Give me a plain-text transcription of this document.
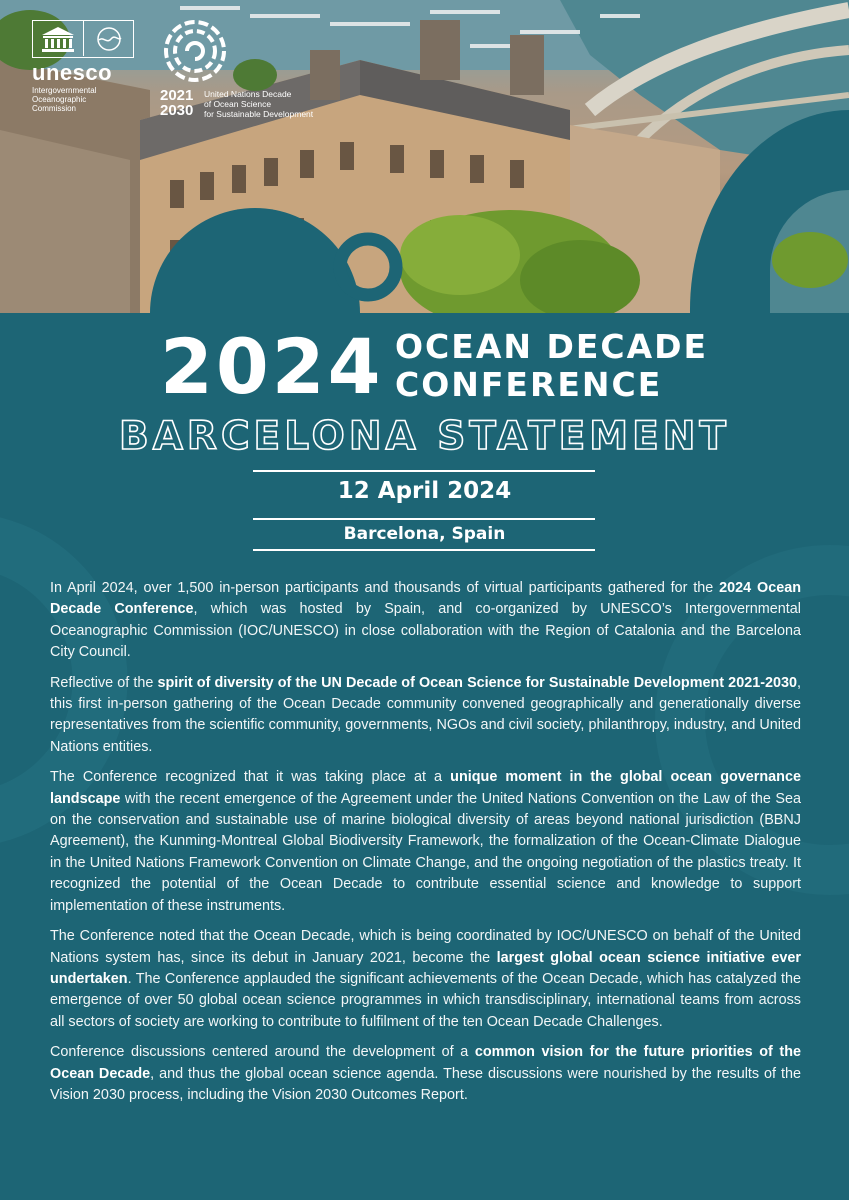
unesco
Intergovernmental
Oceanographic
Commission
2021
2030
United Nations Decade
of Ocean Science
for Sustainable Development
2024 OCEAN DECADE
CONFERENCE
BARCELONA STATEMENT
12 April 2024
Barcelona, Spain

In April 2024, over 1,500 in-person participants and thousands of virtual participants gathered for the 2024 Ocean Decade Conference, which was hosted by Spain, and co-organized by UNESCO’s Intergovernmental Oceanographic Commission (IOC/UNESCO) in close collaboration with the Region of Catalonia and the Barcelona City Council.

Reflective of the spirit of diversity of the UN Decade of Ocean Science for Sustainable Development 2021-2030, this first in-person gathering of the Ocean Decade community convened geographically and generationally diverse representatives from the scientific community, governments, NGOs and civil society, philanthropy, industry, and United Nations entities.

The Conference recognized that it was taking place at a unique moment in the global ocean governance landscape with the recent emergence of the Agreement under the United Nations Convention on the Law of the Sea on the conservation and sustainable use of marine biological diversity of areas beyond national jurisdiction (BBNJ Agreement), the Kunming-Montreal Global Biodiversity Framework, the formalization of the Ocean-Climate Dialogue in the United Nations Framework Convention on Climate Change, and the ongoing negotiation of the plastics treaty. It recognized the potential of the Ocean Decade to contribute essential science and knowledge to support implementation of these instruments.

The Conference noted that the Ocean Decade, which is being coordinated by IOC/UNESCO on behalf of the United Nations system has, since its debut in January 2021, become the largest global ocean science initiative ever undertaken. The Conference applauded the significant achievements of the Ocean Decade, which has catalyzed the emergence of over 50 global ocean science programmes in which transdisciplinary, international teams from across all sectors of society are working to contribute to fulfilment of the ten Ocean Decade Challenges.

Conference discussions centered around the development of a common vision for the future priorities of the Ocean Decade, and thus the global ocean science agenda. These discussions were nourished by the results of the Vision 2030 process, including the Vision 2030 Outcomes Report.
